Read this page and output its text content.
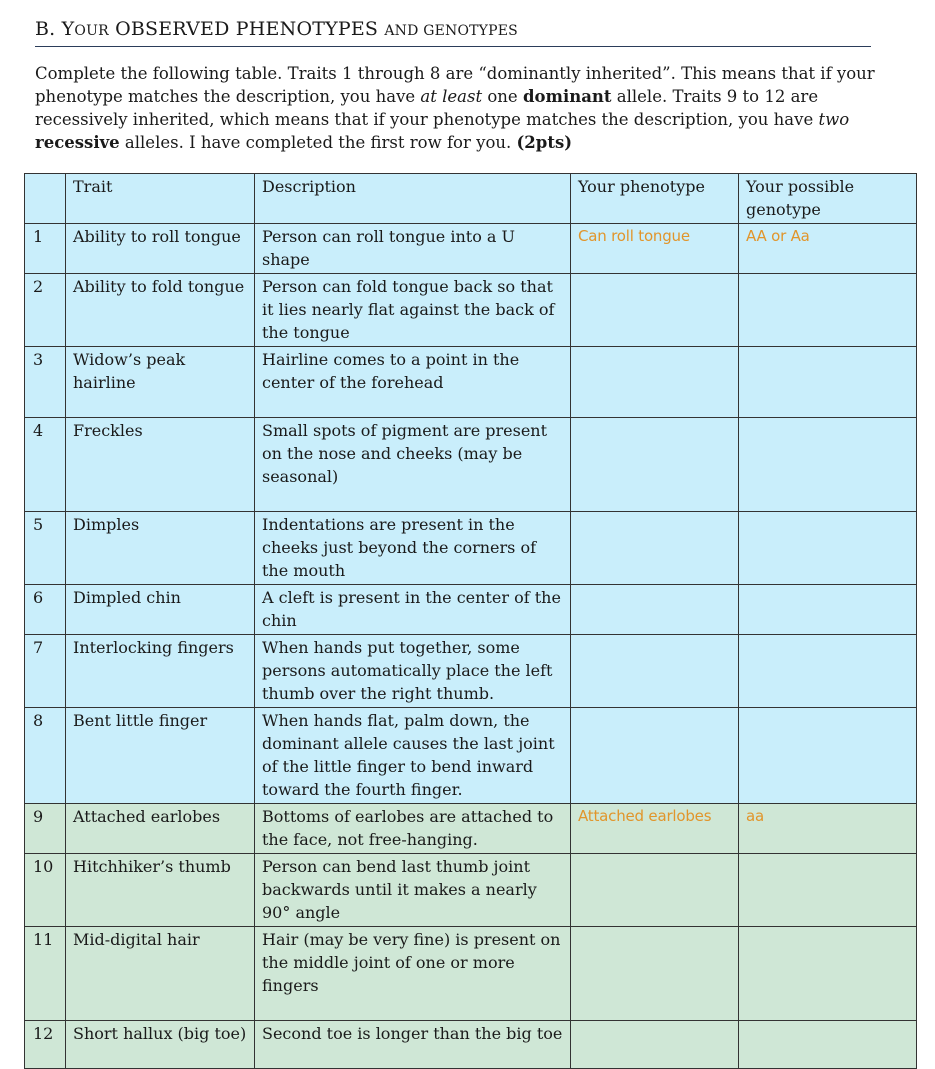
B. YOUR OBSERVED PHENOTYPES AND GENOTYPES
Complete the following table. Traits 1 through 8 are “dominantly inherited”. This means that if your phenotype matches the description, you have at least one dominant allele. Traits 9 to 12 are recessively inherited, which means that if your phenotype matches the description, you have two recessive alleles. I have completed the first row for you. (2pts)
	Trait	Description	Your phenotype	Your possible genotype
1	Ability to roll tongue	Person can roll tongue into a U shape	Can roll tongue	AA or Aa
2	Ability to fold tongue	Person can fold tongue back so that it lies nearly flat against the back of the tongue		
3	Widow’s peak hairline	Hairline comes to a point in the center of the forehead		
4	Freckles	Small spots of pigment are present on the nose and cheeks (may be seasonal)		
5	Dimples	Indentations are present in the cheeks just beyond the corners of the mouth		
6	Dimpled chin	A cleft is present in the center of the chin		
7	Interlocking fingers	When hands put together, some persons automatically place the left thumb over the right thumb.		
8	Bent little finger	When hands flat, palm down, the dominant allele causes the last joint of the little finger to bend inward toward the fourth finger.		
9	Attached earlobes	Bottoms of earlobes are attached to the face, not free-hanging.	Attached earlobes	aa
10	Hitchhiker’s thumb	Person can bend last thumb joint backwards until it makes a nearly 90° angle		
11	Mid-digital hair	Hair (may be very fine) is present on the middle joint of one or more fingers		
12	Short hallux (big toe)	Second toe is longer than the big toe		
